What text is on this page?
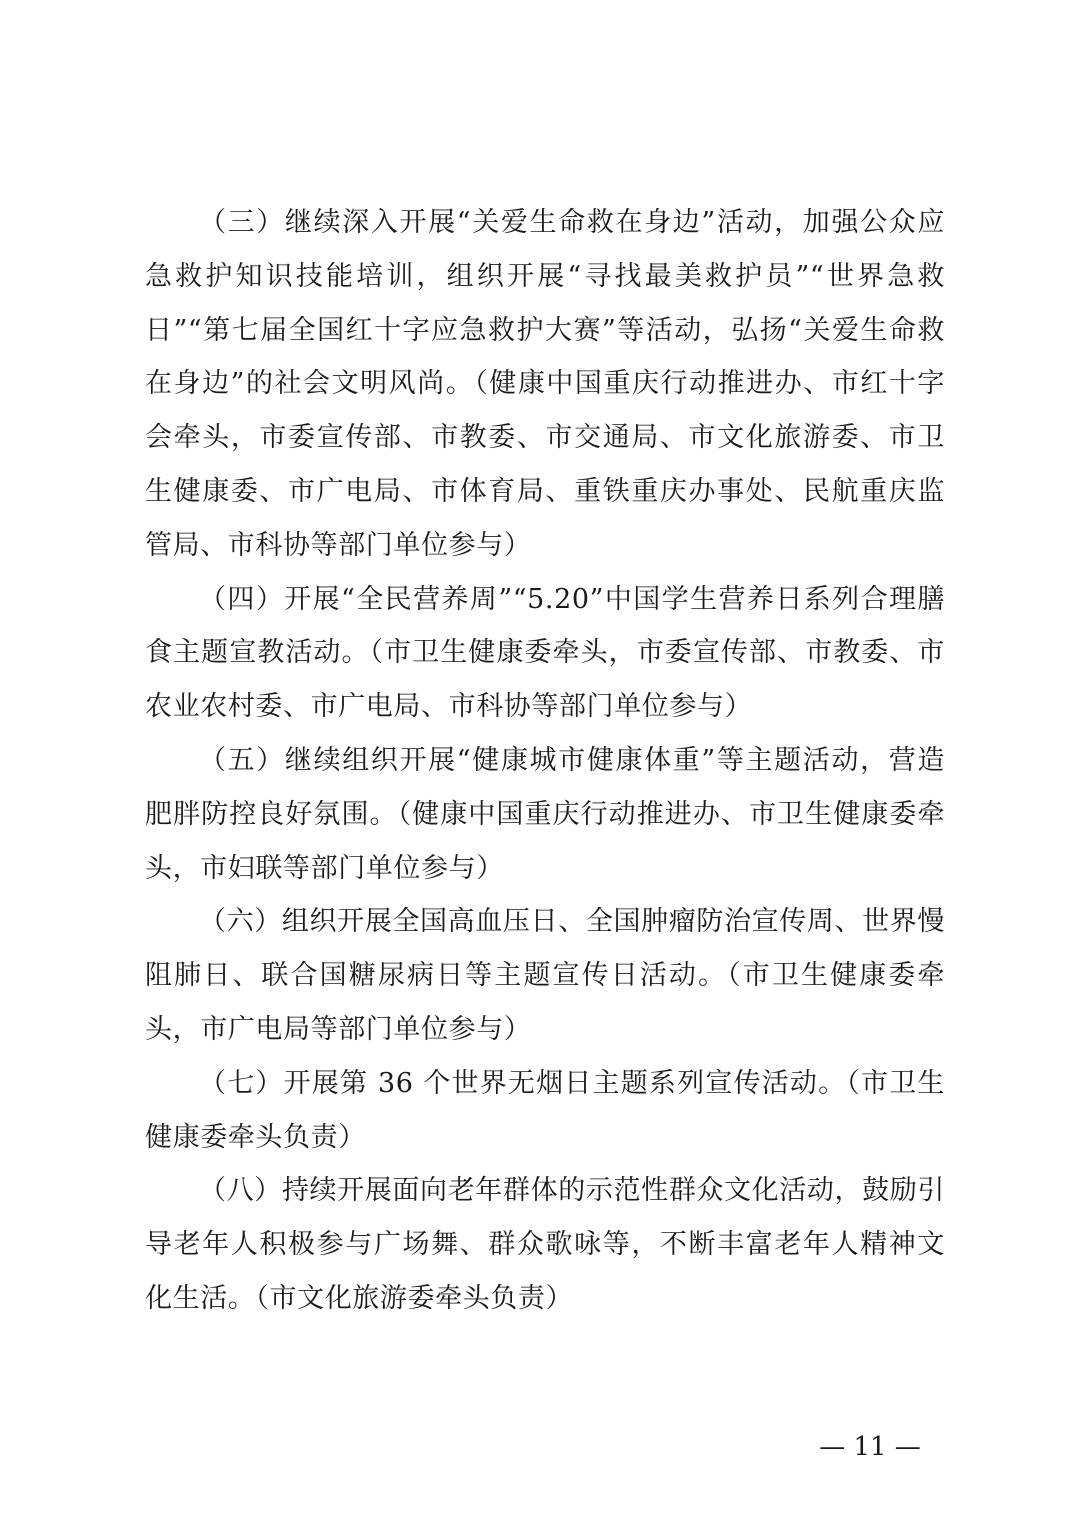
（三）继续深入开展“关爱生命救在身边”活动，加强公众应急救护知识技能培训，组织开展“寻找最美救护员”“世界急救日”“第七届全国红十字应急救护大赛”等活动，弘扬“关爱生命救在身边”的社会文明风尚。（健康中国重庆行动推进办、市红十字会牵头，市委宣传部、市教委、市交通局、市文化旅游委、市卫生健康委、市广电局、市体育局、重铁重庆办事处、民航重庆监管局、市科协等部门单位参与）

（四）开展“全民营养周”“5.20”中国学生营养日系列合理膳食主题宣教活动。（市卫生健康委牵头，市委宣传部、市教委、市农业农村委、市广电局、市科协等部门单位参与）

（五）继续组织开展“健康城市健康体重”等主题活动，营造肥胖防控良好氛围。（健康中国重庆行动推进办、市卫生健康委牵头，市妇联等部门单位参与）

（六）组织开展全国高血压日、全国肿瘤防治宣传周、世界慢阻肺日、联合国糖尿病日等主题宣传日活动。（市卫生健康委牵头，市广电局等部门单位参与）

（七）开展第 36 个世界无烟日主题系列宣传活动。（市卫生健康委牵头负责）

（八）持续开展面向老年群体的示范性群众文化活动，鼓励引导老年人积极参与广场舞、群众歌咏等，不断丰富老年人精神文化生活。（市文化旅游委牵头负责）

— 11 —
